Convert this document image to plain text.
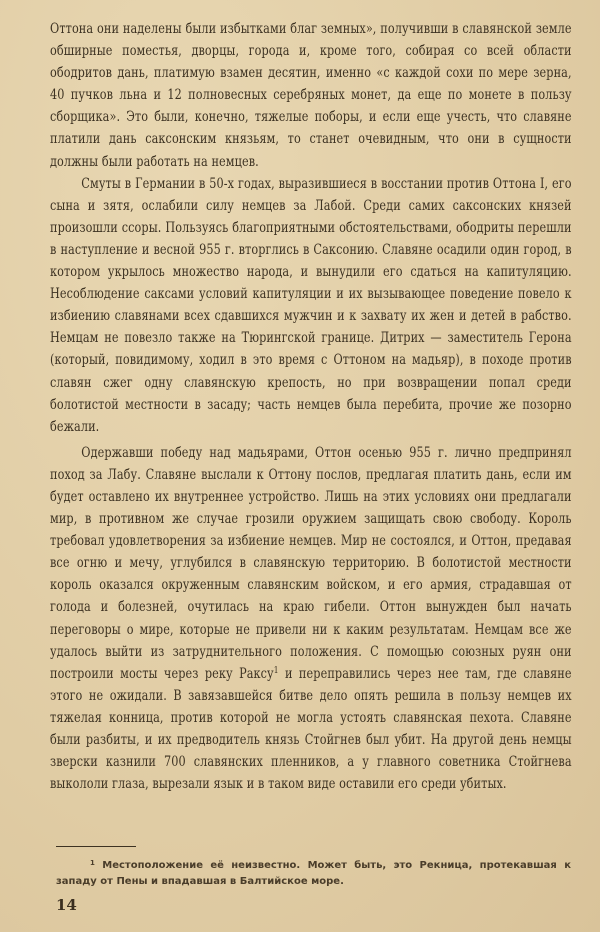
Оттона они наделены были избытками благ земных», получивши в славянской земле обширные поместья, дворцы, города и, кроме того, собирая со всей области ободритов дань, платимую взамен десятин, именно «с каждой сохи по мере зерна, 40 пучков льна и 12 полновесных серебряных монет, да еще по монете в пользу сборщика». Это были, конечно, тяжелые поборы, и если еще учесть, что славяне платили дань саксонским князьям, то станет очевидным, что они в сущности должны были работать на немцев.

Смуты в Германии в 50-х годах, выразившиеся в восстании против Оттона I, его сына и зятя, ослабили силу немцев за Лабой. Среди самих саксонских князей произошли ссоры. Пользуясь благоприятными обстоятельствами, ободриты перешли в наступление и весной 955 г. вторглись в Саксонию. Славяне осадили один город, в котором укрылось множество народа, и вынудили его сдаться на капитуляцию. Несоблюдение саксами условий капитуляции и их вызывающее поведение повело к избиению славянами всех сдавшихся мужчин и к захвату их жен и детей в рабство. Немцам не повезло также на Тюрингской границе. Дитрих — заместитель Герона (который, повидимому, ходил в это время с Оттоном на мадьяр), в походе против славян сжег одну славянскую крепость, но при возвращении попал среди болотистой местности в засаду; часть немцев была перебита, прочие же позорно бежали.

Одержавши победу над мадьярами, Оттон осенью 955 г. лично предпринял поход за Лабу. Славяне выслали к Оттону послов, предлагая платить дань, если им будет оставлено их внутреннее устройство. Лишь на этих условиях они предлагали мир, в противном же случае грозили оружием защищать свою свободу. Король требовал удовлетворения за избиение немцев. Мир не состоялся, и Оттон, предавая все огню и мечу, углубился в славянскую территорию. В болотистой местности король оказался окруженным славянским войском, и его армия, страдавшая от голода и болезней, очутилась на краю гибели. Оттон вынужден был начать переговоры о мире, которые не привели ни к каким результатам. Немцам все же удалось выйти из затруднительного положения. С помощью союзных руян они построили мосты через реку Раксу$^1$ и переправились через нее там, где славяне этого не ожидали. В завязавшейся битве дело опять решила в пользу немцев их тяжелая конница, против которой не могла устоять славянская пехота. Славяне были разбиты, и их предводитель князь Стойгнев был убит. На другой день немцы зверски казнили 700 славянских пленников, а у главного советника Стойгнева выкололи глаза, вырезали язык и в таком виде оставили его среди убитых.

$^1$ Местоположение её неизвестно. Может быть, это Рекница, протекавшая к западу от Пены и впадавшая в Балтийское море.
14
